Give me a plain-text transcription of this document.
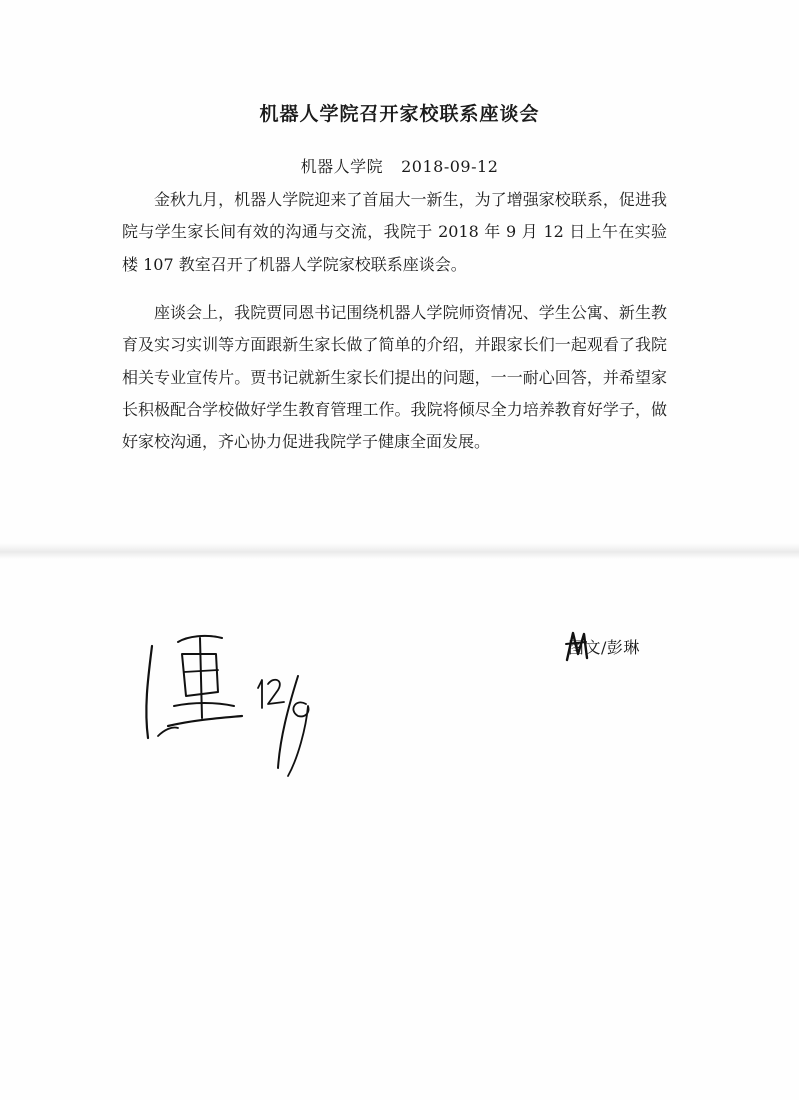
机器人学院召开家校联系座谈会
机器人学院 2018-09-12

金秋九月，机器人学院迎来了首届大一新生，为了增强家校联系，促进我院与学生家长间有效的沟通与交流，我院于 2018 年 9 月 12 日上午在实验楼 107 教室召开了机器人学院家校联系座谈会。

座谈会上，我院贾同恩书记围绕机器人学院师资情况、学生公寓、新生教育及实习实训等方面跟新生家长做了简单的介绍，并跟家长们一起观看了我院相关专业宣传片。贾书记就新生家长们提出的问题，一一耐心回答，并希望家长积极配合学校做好学生教育管理工作。我院将倾尽全力培养教育好学子，做好家校沟通，齐心协力促进我院学子健康全面发展。

图
文/彭琳
